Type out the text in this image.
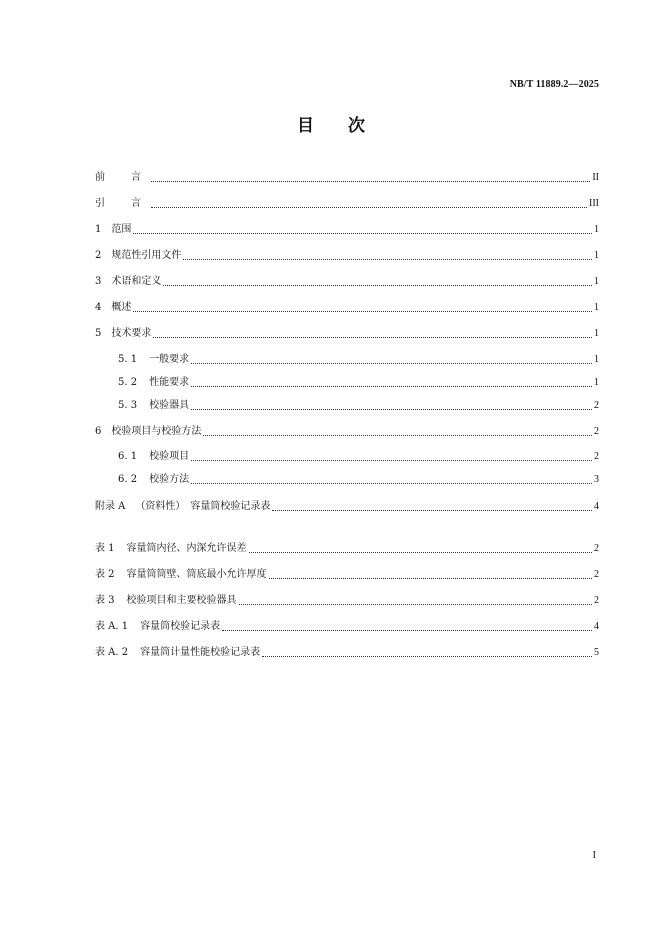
NB/T 11889.2—2025
目 次
前　言	II
引　言	III
1 范围	1
2 规范性引用文件	1
3 术语和定义	1
4 概述	1
5 技术要求	1
5. 1 一般要求	1
5. 2 性能要求	1
5. 3 校验器具	2
6 校验项目与校验方法	2
6. 1 校验项目	2
6. 2 校验方法	3
附录 A （资料性）　容量筒校验记录表	4
表 1 容量筒内径、内深允许误差	2
表 2 容量筒筒壁、筒底最小允许厚度	2
表 3 校验项目和主要校验器具	2
表 A. 1 容量筒校验记录表	4
表 A. 2 容量筒计量性能校验记录表	5
I
